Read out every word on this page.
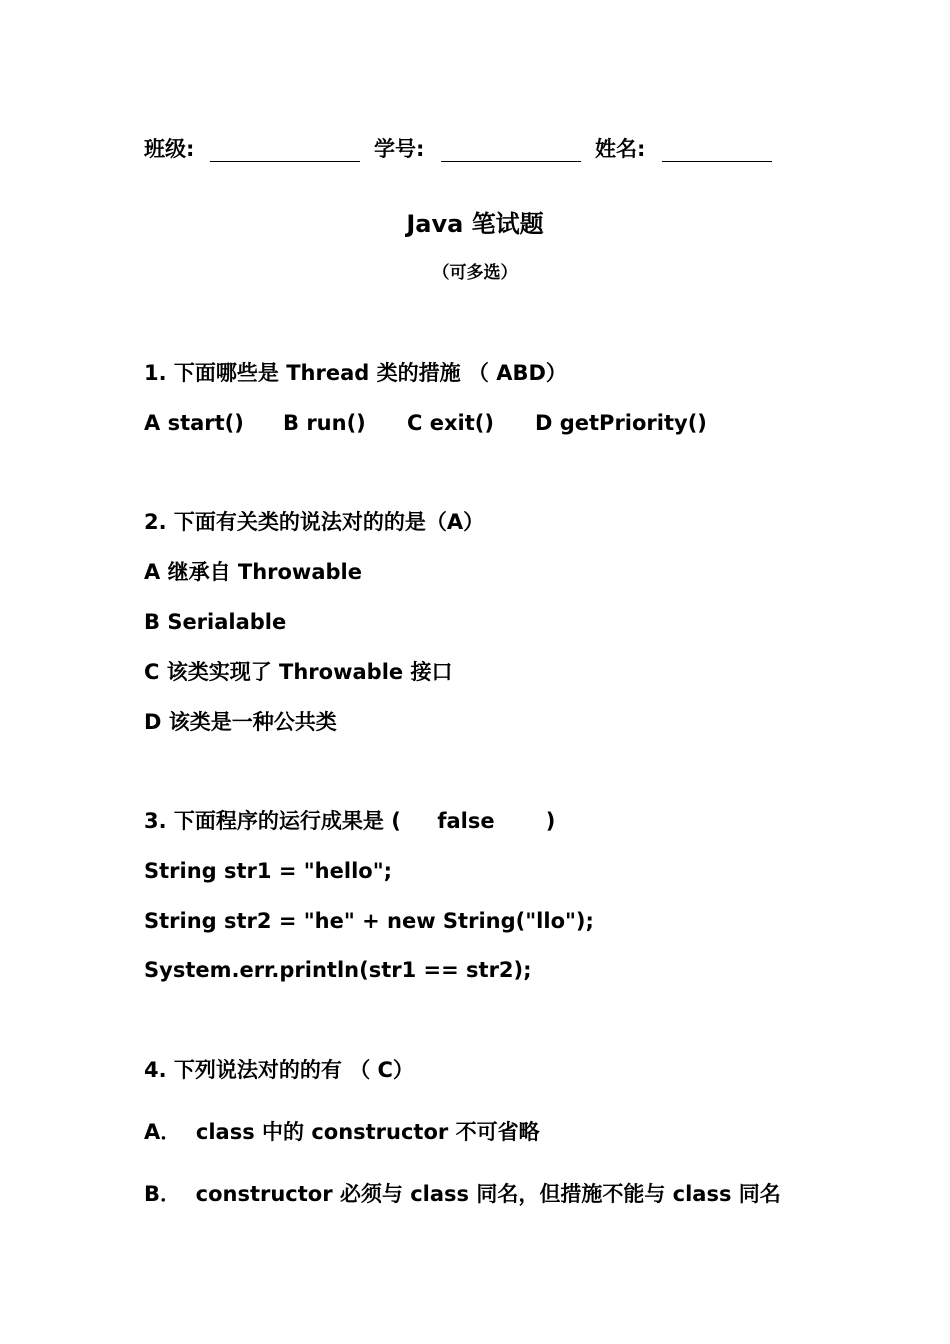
班级:	学号:	姓名:
Java 笔试题
（可多选）
1. 下面哪些是 Thread 类的措施 （ ABD）
A start() B run() C exit() D getPriority()
2. 下面有关类的说法对的的是（A）
A 继承自 Throwable
B Serialable
C 该类实现了 Throwable 接口
D 该类是一种公共类
3. 下面程序的运行成果是 (     false       )
String str1 = "hello";
String str2 = "he" + new String("llo");
System.err.println(str1 == str2);
4. 下列说法对的的有 （ C）
A．  class 中的 constructor 不可省略
B．  constructor 必须与 class 同名，但措施不能与 class 同名
